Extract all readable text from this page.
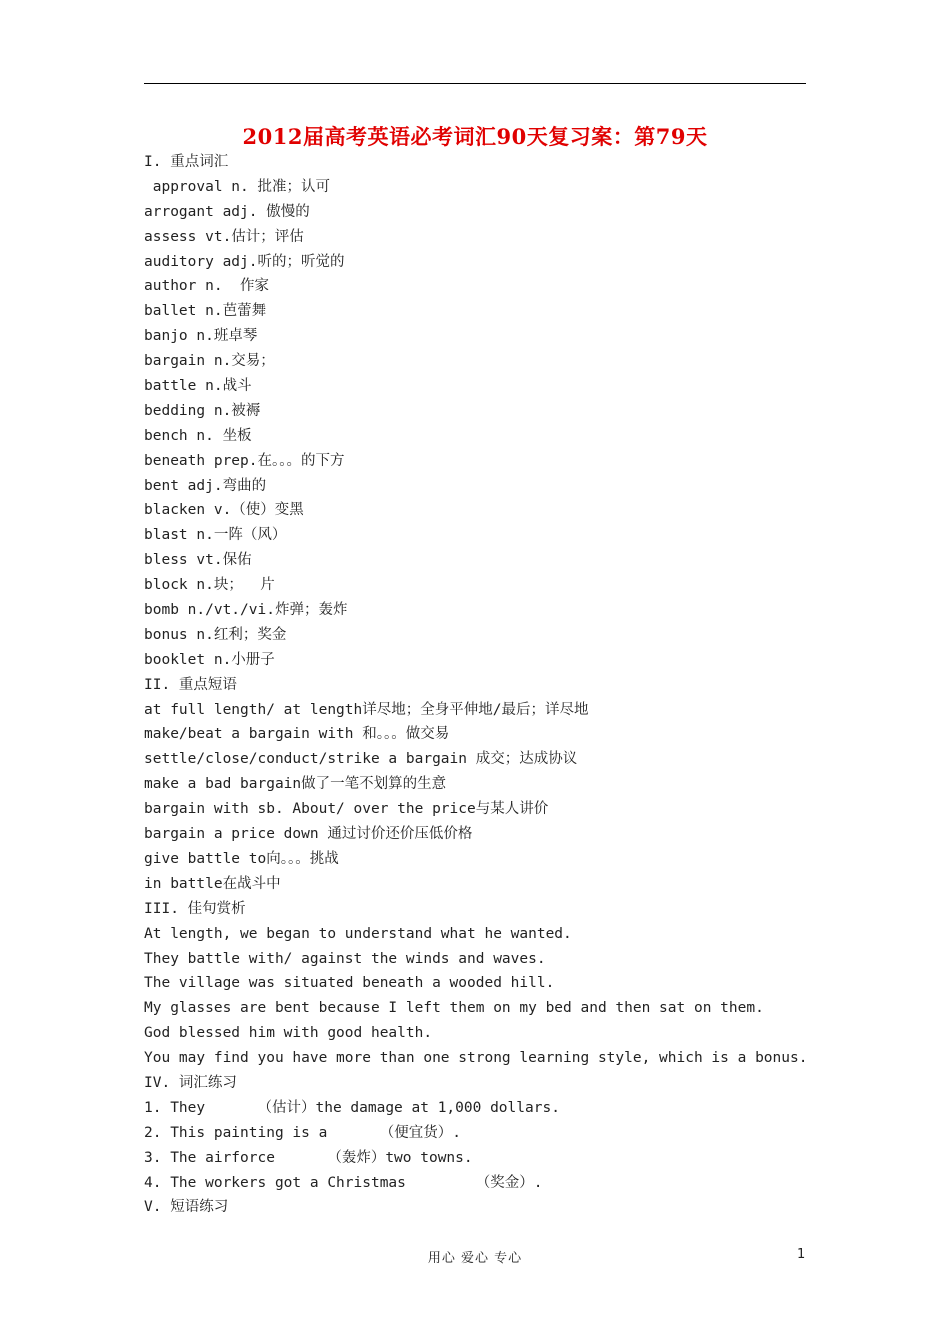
2012届高考英语必考词汇90天复习案：第79天
I. 重点词汇
approval n. 批准；认可
arrogant adj. 傲慢的
assess vt.估计；评估
auditory adj.听的；听觉的
author n.  作家
ballet n.芭蕾舞
banjo n.班卓琴
bargain n.交易；
battle n.战斗
bedding n.被褥
bench n. 坐板
beneath prep.在。。。的下方
bent adj.弯曲的
blacken v.（使）变黑
blast n.一阵（风）
bless vt.保佑
block n.块；  片
bomb n./vt./vi.炸弹；轰炸
bonus n.红利；奖金
booklet n.小册子
II. 重点短语
at full length/ at length详尽地；全身平伸地/最后；详尽地
make/beat a bargain with 和。。。做交易
settle/close/conduct/strike a bargain 成交；达成协议
make a bad bargain做了一笔不划算的生意
bargain with sb. About/ over the price与某人讲价
bargain a price down 通过讨价还价压低价格
give battle to向。。。挑战
in battle在战斗中
III. 佳句赏析
At length, we began to understand what he wanted.
They battle with/ against the winds and waves.
The village was situated beneath a wooded hill.
My glasses are bent because I left them on my bed and then sat on them.
God blessed him with good health.
You may find you have more than one strong learning style, which is a bonus.
IV. 词汇练习
1. They      （估计）the damage at 1,000 dollars.
2. This painting is a      （便宜货）.
3. The airforce      （轰炸）two towns.
4. The workers got a Christmas        （奖金）.
V. 短语练习
用心 爱心 专心	1
